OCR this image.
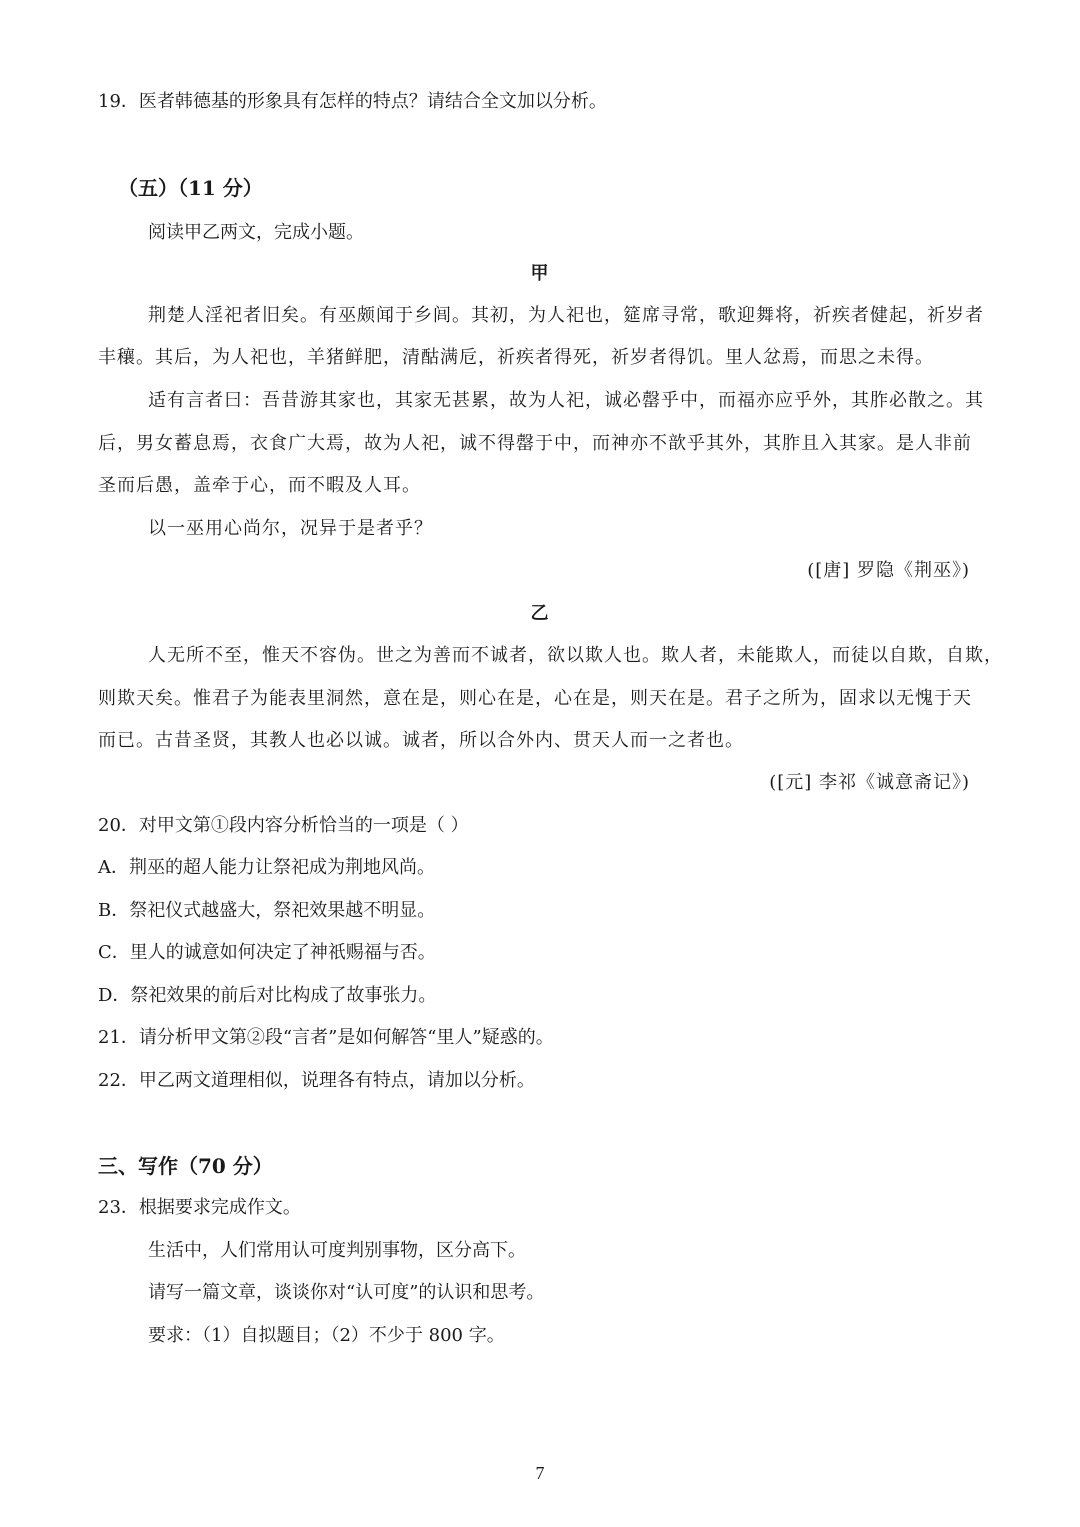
19．医者韩德基的形象具有怎样的特点？请结合全文加以分析。
（五）（11 分）
阅读甲乙两文，完成小题。
甲
荆楚人淫祀者旧矣。有巫颇闻于乡闾。其初，为人祀也，筵席寻常，歌迎舞将，祈疾者健起，祈岁者
丰穰。其后，为人祀也，羊猪鲜肥，清酤满卮，祈疾者得死，祈岁者得饥。里人忿焉，而思之未得。
适有言者曰：吾昔游其家也，其家无甚累，故为人祀，诚必罄乎中，而福亦应乎外，其胙必散之。其
后，男女蓄息焉，衣食广大焉，故为人祀，诚不得罄于中，而神亦不歆乎其外，其胙且入其家。是人非前
圣而后愚，盖牵于心，而不暇及人耳。
以一巫用心尚尔，况异于是者乎？
([唐] 罗隐《荆巫》)
乙
人无所不至，惟天不容伪。世之为善而不诚者，欲以欺人也。欺人者，未能欺人，而徒以自欺，自欺，
则欺天矣。惟君子为能表里洞然，意在是，则心在是，心在是，则天在是。君子之所为，固求以无愧于天
而已。古昔圣贤，其教人也必以诚。诚者，所以合外内、贯天人而一之者也。
([元] 李祁《诚意斋记》)
20．对甲文第①段内容分析恰当的一项是（ ）
A．荆巫的超人能力让祭祀成为荆地风尚。
B．祭祀仪式越盛大，祭祀效果越不明显。
C．里人的诚意如何决定了神祇赐福与否。
D．祭祀效果的前后对比构成了故事张力。
21．请分析甲文第②段“言者”是如何解答“里人”疑惑的。
22．甲乙两文道理相似，说理各有特点，请加以分析。
三、写作（70 分）
23．根据要求完成作文。
生活中，人们常用认可度判别事物，区分高下。
请写一篇文章，谈谈你对“认可度”的认识和思考。
要求：（1）自拟题目；（2）不少于 800 字。
7
